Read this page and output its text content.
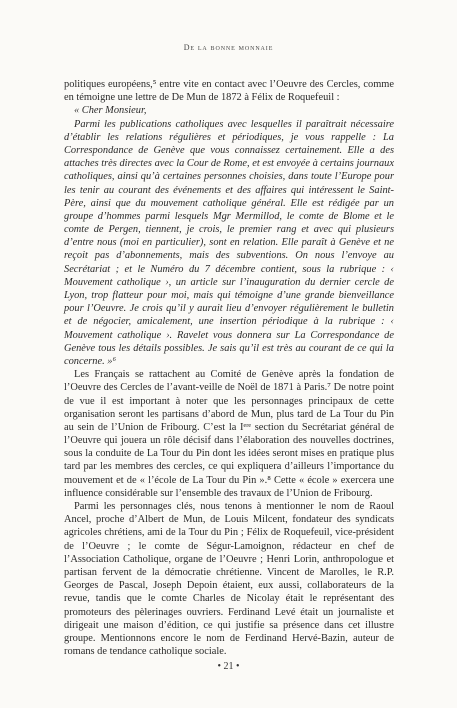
De la bonne monnaie

politiques européens,⁵ entre vite en contact avec l’Oeuvre des Cercles, comme en témoigne une lettre de De Mun de 1872 à Félix de Roquefeuil :

« Cher Monsieur,

Parmi les publications catholiques avec lesquelles il paraîtrait nécessaire d’établir les relations régulières et périodiques, je vous rappelle : La Correspondance de Genève que vous connaissez certainement. Elle a des attaches très directes avec la Cour de Rome, et est envoyée à certains journaux catholiques, ainsi qu’à certaines personnes choisies, dans toute l’Europe pour les tenir au courant des événements et des affaires qui intéressent le Saint-Père, ainsi que du mouvement catholique général. Elle est rédigée par un groupe d’hommes parmi lesquels Mgr Mermillod, le comte de Blome et le comte de Pergen, tiennent, je crois, le premier rang et avec qui plusieurs d’entre nous (moi en particulier), sont en relation. Elle paraît à Genève et ne reçoit pas d’abonnements, mais des subventions. On nous l’envoye au Secrétariat ; et le Numéro du 7 décembre contient, sous la rubrique : ‹ Mouvement catholique ›, un article sur l’inauguration du dernier cercle de Lyon, trop flatteur pour moi, mais qui témoigne d’une grande bienveillance pour l’Oeuvre. Je crois qu’il y aurait lieu d’envoyer régulièrement le bulletin et de négocier, amicalement, une insertion périodique à la rubrique : ‹ Mouvement catholique ›. Ravelet vous donnera sur La Correspondance de Genève tous les détails possibles. Je sais qu’il est très au courant de ce qui la concerne. »⁶

Les Français se rattachent au Comité de Genève après la fondation de l’Oeuvre des Cercles de l’avant-veille de Noël de 1871 à Paris.⁷ De notre point de vue il est important à noter que les personnages principaux de cette organisation seront les partisans d’abord de Mun, plus tard de La Tour du Pin au sein de l’Union de Fribourg. C’est la Iᵉʳᵉ section du Secrétariat général de l’Oeuvre qui jouera un rôle décisif dans l’élaboration des nouvelles doctrines, sous la conduite de La Tour du Pin dont les idées seront mises en pratique plus tard par les membres des cercles, ce qui expliquera d’ailleurs l’importance du mouvement et de « l’école de La Tour du Pin ».⁸ Cette « école » exercera une influence considérable sur l’ensemble des travaux de l’Union de Fribourg.

Parmi les personnages clés, nous tenons à mentionner le nom de Raoul Ancel, proche d’Albert de Mun, de Louis Milcent, fondateur des syndicats agricoles chrétiens, ami de la Tour du Pin ; Félix de Roquefeuil, vice-président de l’Oeuvre ; le comte de Ségur-Lamoignon, rédacteur en chef de l’Association Catholique, organe de l’Oeuvre ; Henri Lorin, anthropologue et partisan fervent de la démocratie chrétienne. Vincent de Marolles, le R.P. Georges de Pascal, Joseph Depoin étaient, eux aussi, collaborateurs de la revue, tandis que le comte Charles de Nicolay était le représentant des promoteurs des pèlerinages ouvriers. Ferdinand Levé était un journaliste et dirigeait une maison d’édition, ce qui justifie sa présence dans cet illustre groupe. Mentionnons encore le nom de Ferdinand Hervé-Bazin, auteur de romans de tendance catholique sociale.

• 21 •
